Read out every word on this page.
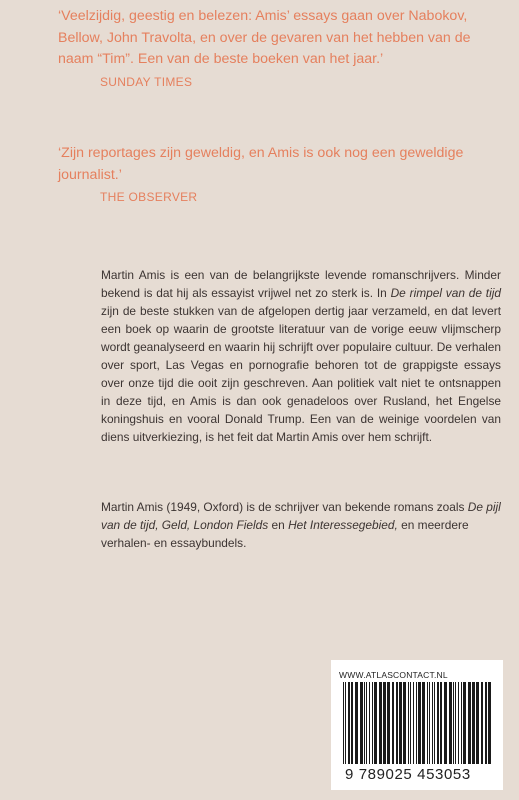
‘Veelzijdig, geestig en belezen: Amis’ essays gaan over Nabokov, Bellow, John Travolta, en over de gevaren van het hebben van de naam “Tim”. Een van de beste boeken van het jaar.’

SUNDAY TIMES

‘Zijn reportages zijn geweldig, en Amis is ook nog een geweldige journalist.’

THE OBSERVER

Martin Amis is een van de belangrijkste levende romanschrijvers. Minder bekend is dat hij als essayist vrijwel net zo sterk is. In De rimpel van de tijd zijn de beste stukken van de afgelopen dertig jaar verzameld, en dat levert een boek op waarin de grootste literatuur van de vorige eeuw vlijmscherp wordt geanalyseerd en waarin hij schrijft over populaire cultuur. De verhalen over sport, Las Vegas en pornografie behoren tot de grappigste essays over onze tijd die ooit zijn geschreven. Aan politiek valt niet te ontsnappen in deze tijd, en Amis is dan ook genadeloos over Rusland, het Engelse koningshuis en vooral Donald Trump. Een van de weinige voordelen van diens uitverkiezing, is het feit dat Martin Amis over hem schrijft.

Martin Amis (1949, Oxford) is de schrijver van bekende romans zoals De pijl van de tijd, Geld, London Fields en Het Interessegebied, en meerdere verhalen- en essaybundels.

WWW.ATLASCONTACT.NL
9 789025 453053
